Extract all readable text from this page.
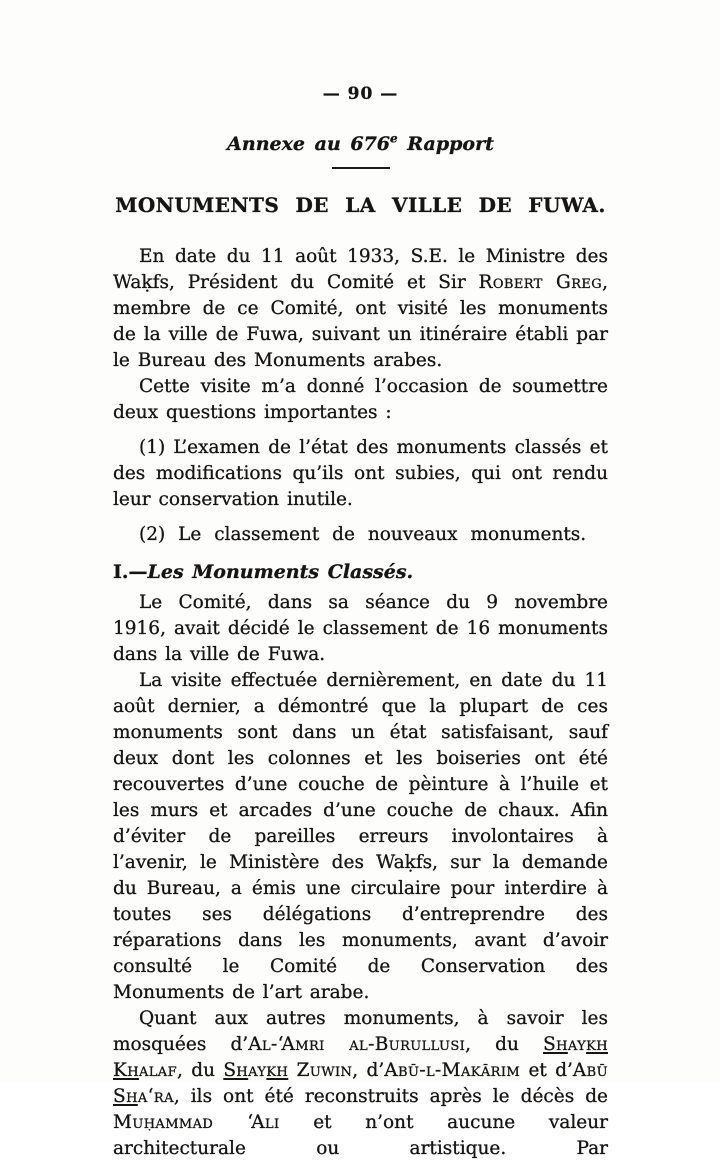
— 90 —
Annexe au 676e Rapport
MONUMENTS DE LA VILLE DE FUWA.

En date du 11 août 1933, S.E. le Ministre des Waḳfs, Président du Comité et Sir Robert Greg, membre de ce Comité, ont visité les monuments de la ville de Fuwa, suivant un itinéraire établi par le Bureau des Monuments arabes.

Cette visite m’a donné l’occasion de soumettre deux questions importantes :

(1) L’examen de l’état des monuments classés et des modifications qu’ils ont subies, qui ont rendu leur conservation inutile.

(2) Le classement de nouveaux monuments.

I.—Les Monuments Classés.

Le Comité, dans sa séance du 9 novembre 1916, avait décidé le classement de 16 monuments dans la ville de Fuwa.

La visite effectuée dernièrement, en date du 11 août dernier, a démontré que la plupart de ces monuments sont dans un état satisfaisant, sauf deux dont les colonnes et les boiseries ont été recouvertes d’une couche de pèinture à l’huile et les murs et arcades d’une couche de chaux. Afin d’éviter de pareilles erreurs involontaires à l’avenir, le Ministère des Waḳfs, sur la demande du Bureau, a émis une circulaire pour interdire à toutes ses délégations d’entreprendre des réparations dans les monuments, avant d’avoir consulté le Comité de Conservation des Monuments de l’art arabe.

Quant aux autres monuments, à savoir les mosquées d’Al-‘Amri al-Burullusi, du Shaykh Khalaf, du Shaykh Zuwin, d’Abū-l-Makārim et d’Abū Sha‘ra, ils ont été reconstruits après le décès de Muḥammad ‘Ali et n’ont aucune valeur architecturale ou artistique. Par
